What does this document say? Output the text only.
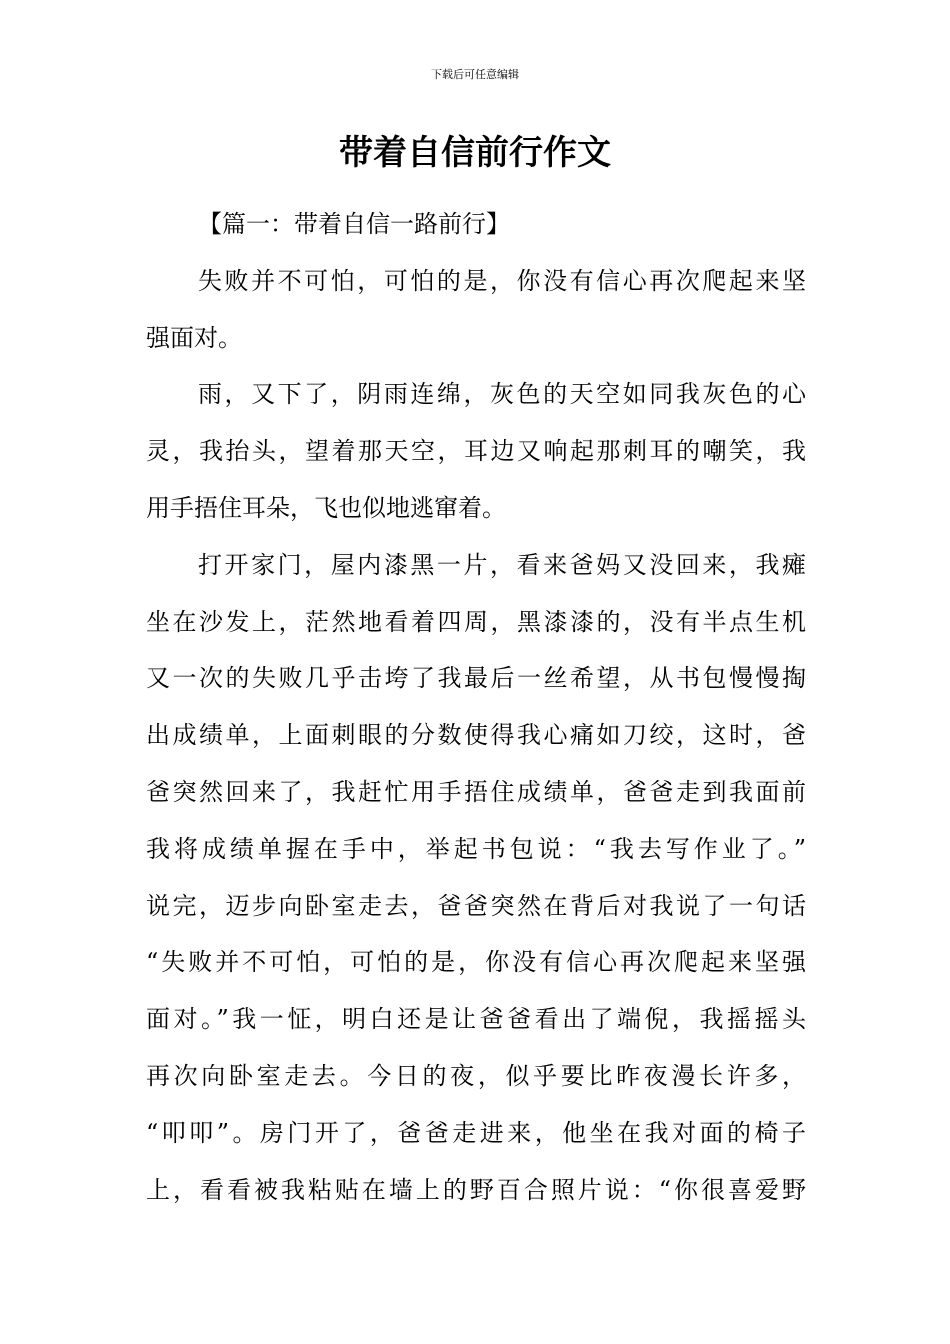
下载后可任意编辑
带着自信前行作文
【篇一：带着自信一路前行】
失败并不可怕，可怕的是，你没有信心再次爬起来坚
强面对。
雨，又下了，阴雨连绵，灰色的天空如同我灰色的心
灵，我抬头，望着那天空，耳边又响起那刺耳的嘲笑，我
用手捂住耳朵，飞也似地逃窜着。
打开家门，屋内漆黑一片，看来爸妈又没回来，我瘫
坐在沙发上，茫然地看着四周，黑漆漆的，没有半点生机
又一次的失败几乎击垮了我最后一丝希望，从书包慢慢掏
出成绩单，上面刺眼的分数使得我心痛如刀绞，这时，爸
爸突然回来了，我赶忙用手捂住成绩单，爸爸走到我面前
我将成绩单握在手中，举起书包说：“我去写作业了。”
说完，迈步向卧室走去，爸爸突然在背后对我说了一句话
“失败并不可怕，可怕的是，你没有信心再次爬起来坚强
面对。”我一怔，明白还是让爸爸看出了端倪，我摇摇头
再次向卧室走去。今日的夜，似乎要比昨夜漫长许多，
“叩叩”。房门开了，爸爸走进来，他坐在我对面的椅子
上，看看被我粘贴在墙上的野百合照片说：“你很喜爱野
